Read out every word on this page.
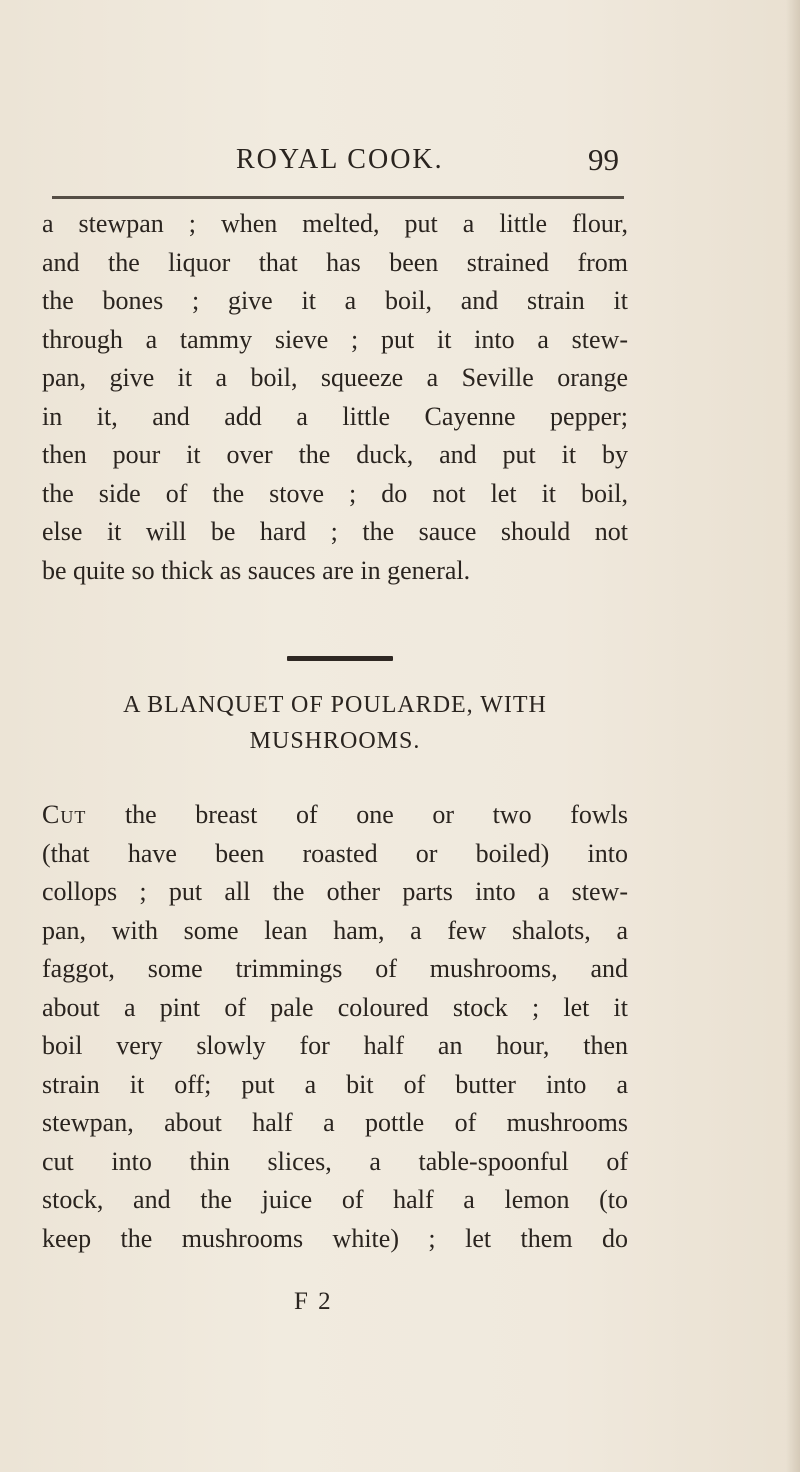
ROYAL COOK.	99
a stewpan ; when melted, put a little flour,
and the liquor that has been strained from
the bones ; give it a boil, and strain it
through a tammy sieve ; put it into a stew-
pan, give it a boil, squeeze a Seville orange
in it, and add a little Cayenne pepper;
then pour it over the duck, and put it by
the side of the stove ; do not let it boil,
else it will be hard ; the sauce should not
be quite so thick as sauces are in general.
A BLANQUET OF POULARDE, WITH
MUSHROOMS.
Cut the breast of one or two fowls
(that have been roasted or boiled) into
collops ; put all the other parts into a stew-
pan, with some lean ham, a few shalots, a
faggot, some trimmings of mushrooms, and
about a pint of pale coloured stock ; let it
boil very slowly for half an hour, then
strain it off; put a bit of butter into a
stewpan, about half a pottle of mushrooms
cut into thin slices, a table-spoonful of
stock, and the juice of half a lemon (to
keep the mushrooms white) ; let them do
F 2
